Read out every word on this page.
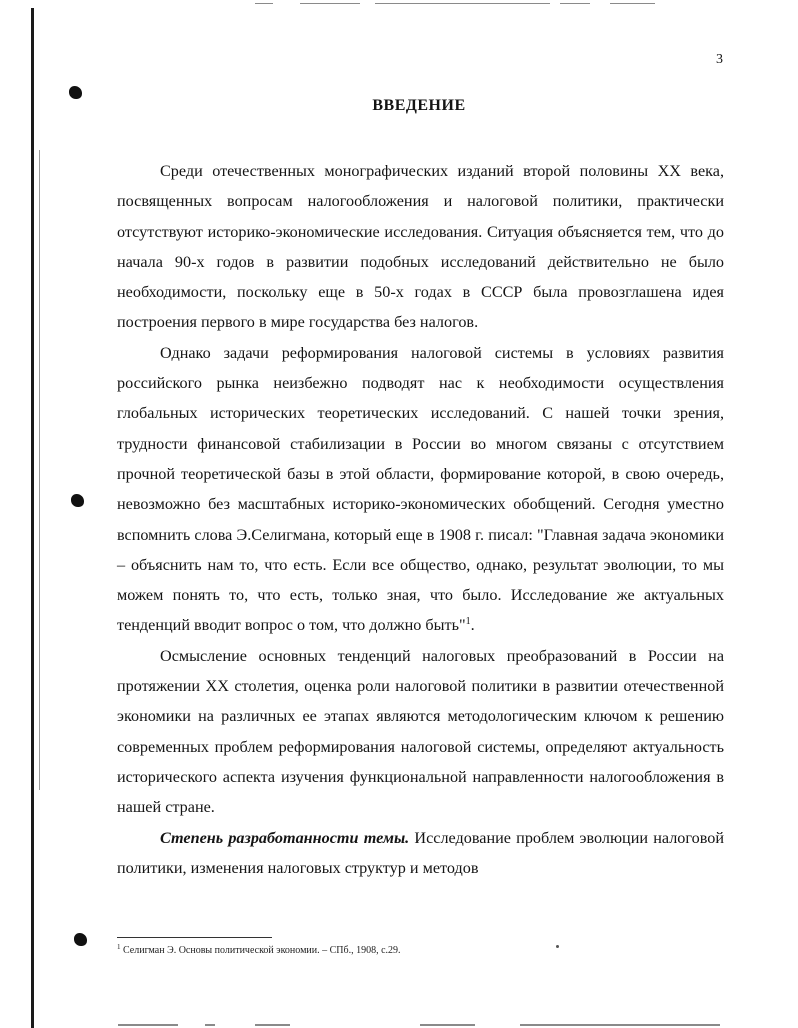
3
ВВЕДЕНИЕ

Среди отечественных монографических изданий второй половины XX века, посвященных вопросам налогообложения и налоговой политики, практически отсутствуют историко-экономические исследования. Ситуация объясняется тем, что до начала 90-х годов в развитии подобных исследований действительно не было необходимости, поскольку еще в 50-х годах в СССР была провозглашена идея построения первого в мире государства без налогов.

Однако задачи реформирования налоговой системы в условиях развития российского рынка неизбежно подводят нас к необходимости осуществления глобальных исторических теоретических исследований. С нашей точки зрения, трудности финансовой стабилизации в России во многом связаны с отсутствием прочной теоретической базы в этой области, формирование которой, в свою очередь, невозможно без масштабных историко-экономических обобщений. Сегодня уместно вспомнить слова Э.Селигмана, который еще в 1908 г. писал: "Главная задача экономики – объяснить нам то, что есть. Если все общество, однако, результат эволюции, то мы можем понять то, что есть, только зная, что было. Исследование же актуальных тенденций вводит вопрос о том, что должно быть"$^1$.

Осмысление основных тенденций налоговых преобразований в России на протяжении XX столетия, оценка роли налоговой политики в развитии отечественной экономики на различных ее этапах являются методологическим ключом к решению современных проблем реформирования налоговой системы, определяют актуальность исторического аспекта изучения функциональной направленности налогообложения в нашей стране.

Степень разработанности темы. Исследование проблем эволюции налоговой политики, изменения налоговых структур и методов

$^1$ Селигман Э. Основы политической экономии. – СПб., 1908, с.29.
